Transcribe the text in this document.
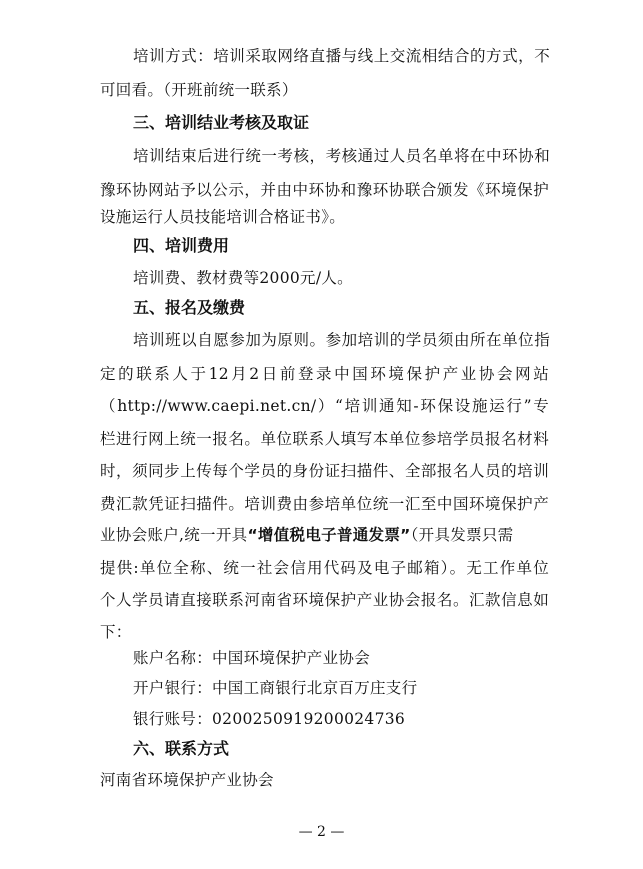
培训方式：培训采取网络直播与线上交流相结合的方式，不
可回看。（开班前统一联系）
三、培训结业考核及取证
培训结束后进行统一考核，考核通过人员名单将在中环协和
豫环协网站予以公示，并由中环协和豫环协联合颁发《环境保护
设施运行人员技能培训合格证书》。
四、培训费用
培训费、教材费等2000元/人。
五、报名及缴费
培训班以自愿参加为原则。参加培训的学员须由所在单位指
定的联系人于12月2日前登录中国环境保护产业协会网站
（http://www.caepi.net.cn/）“培训通知-环保设施运行”专
栏进行网上统一报名。单位联系人填写本单位参培学员报名材料
时，须同步上传每个学员的身份证扫描件、全部报名人员的培训
费汇款凭证扫描件。培训费由参培单位统一汇至中国环境保护产
业协会账户,统一开具“增值税电子普通发票”（开具发票只需
提供:单位全称、统一社会信用代码及电子邮箱）。无工作单位
个人学员请直接联系河南省环境保护产业协会报名。汇款信息如
下：
账户名称：中国环境保护产业协会
开户银行：中国工商银行北京百万庄支行
银行账号：0200250919200024736
六、联系方式
河南省环境保护产业协会
— 2 —
